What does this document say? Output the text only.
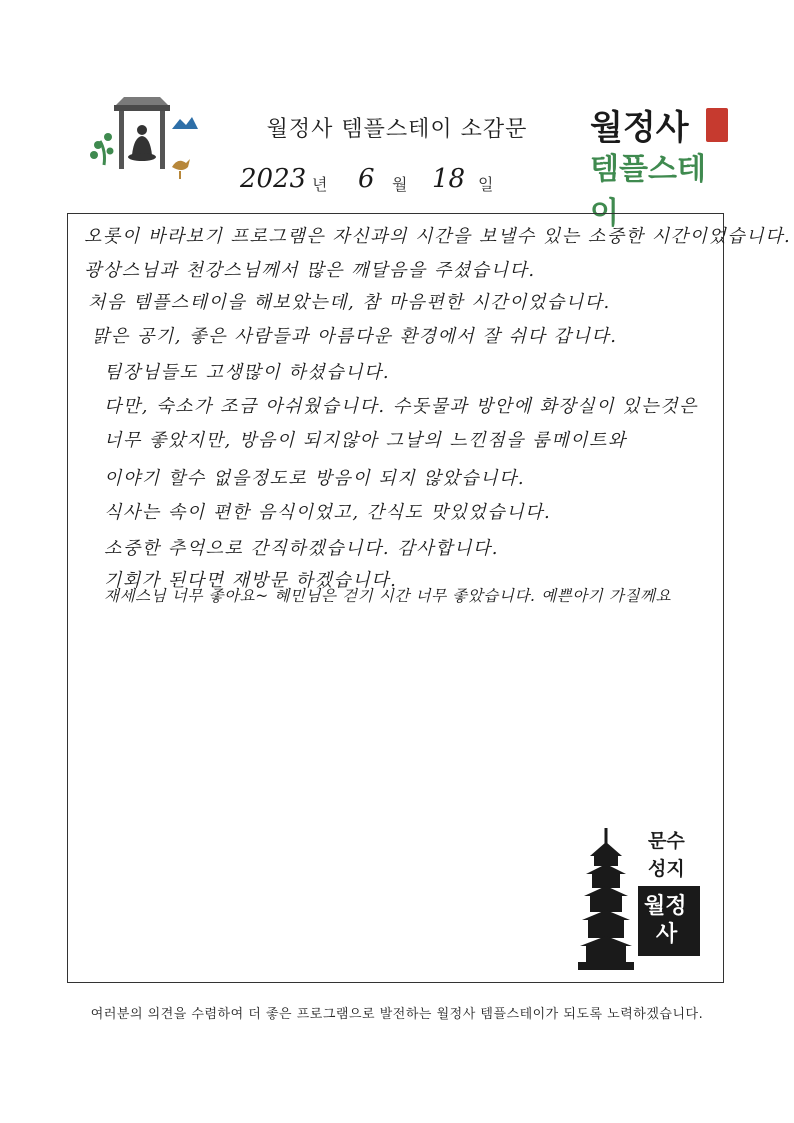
월정사 템플스테이 소감문	월정사
템플스테이
2023 년 6 월 18 일
오롯이 바라보기 프로그램은 자신과의 시간을 보낼수 있는 소중한 시간이었습니다.
광상스님과 천강스님께서 많은 깨달음을 주셨습니다.
처음 템플스테이을 해보았는데, 참 마음편한 시간이었습니다.
맑은 공기, 좋은 사람들과 아름다운 환경에서 잘 쉬다 갑니다.
팀장님들도 고생많이 하셨습니다.
다만, 숙소가 조금 아쉬웠습니다. 수돗물과 방안에 화장실이 있는것은
너무 좋았지만, 방음이 되지않아 그날의 느낀점을 룸메이트와
이야기 할수 없을정도로 방음이 되지 않았습니다.
식사는 속이 편한 음식이었고, 간식도 맛있었습니다.
소중한 추억으로 간직하겠습니다. 감사합니다.
기회가 된다면 재방문 하겠습니다.
재세스님 너무 좋아요~ 혜민님은 걷기 시간 너무 좋았습니다. 예쁜아기 가질께요
문수
성지
월정
사
여러분의 의견을 수렴하여 더 좋은 프로그램으로 발전하는 월정사 템플스테이가 되도록 노력하겠습니다.
